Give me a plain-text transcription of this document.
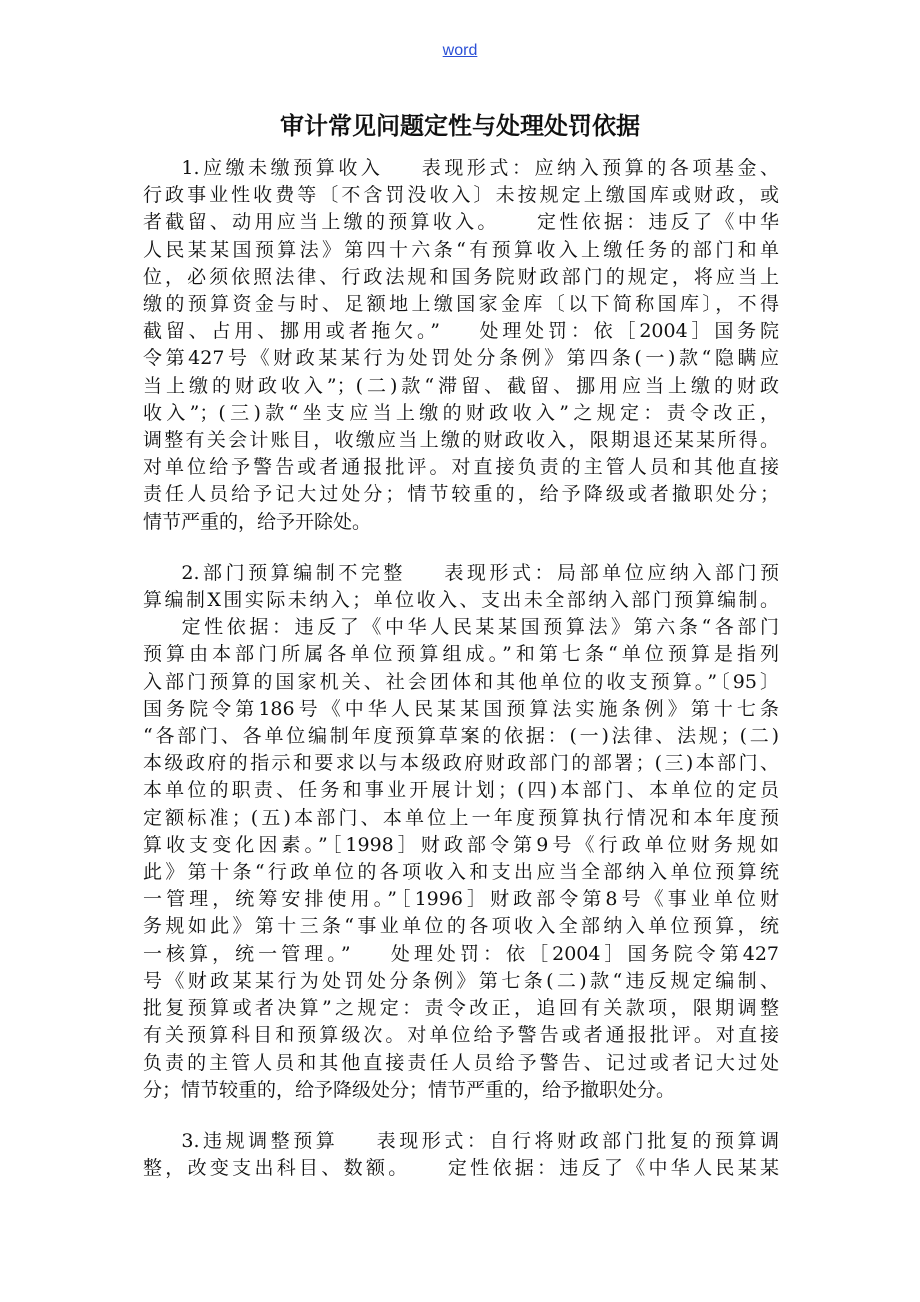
word
审计常见问题定性与处理处罚依据
1.应缴未缴预算收入    表现形式：应纳入预算的各项基金、
行政事业性收费等〔不含罚没收入〕未按规定上缴国库或财政，或
者截留、动用应当上缴的预算收入。    定性依据：违反了《中华
人民某某国预算法》第四十六条“有预算收入上缴任务的部门和单
位，必须依照法律、行政法规和国务院财政部门的规定，将应当上
缴的预算资金与时、足额地上缴国家金库〔以下简称国库〕，不得
截留、占用、挪用或者拖欠。”    处理处罚：依［2004］国务院
令第427号《财政某某行为处罚处分条例》第四条(一)款“隐瞒应
当上缴的财政收入”；(二)款“滞留、截留、挪用应当上缴的财政
收入”；(三)款“坐支应当上缴的财政收入”之规定：责令改正，
调整有关会计账目，收缴应当上缴的财政收入，限期退还某某所得。
对单位给予警告或者通报批评。对直接负责的主管人员和其他直接
责任人员给予记大过处分；情节较重的，给予降级或者撤职处分；
情节严重的，给予开除处。
2.部门预算编制不完整    表现形式：局部单位应纳入部门预
算编制X围实际未纳入；单位收入、支出未全部纳入部门预算编制。
定性依据：违反了《中华人民某某国预算法》第六条“各部门
预算由本部门所属各单位预算组成。”和第七条“单位预算是指列
入部门预算的国家机关、社会团体和其他单位的收支预算。”〔95〕
国务院令第186号《中华人民某某国预算法实施条例》第十七条
“各部门、各单位编制年度预算草案的依据：(一)法律、法规；(二)
本级政府的指示和要求以与本级政府财政部门的部署；(三)本部门、
本单位的职责、任务和事业开展计划；(四)本部门、本单位的定员
定额标准；(五)本部门、本单位上一年度预算执行情况和本年度预
算收支变化因素。”［1998］财政部令第9号《行政单位财务规如
此》第十条“行政单位的各项收入和支出应当全部纳入单位预算统
一管理，统筹安排使用。”［1996］财政部令第8号《事业单位财
务规如此》第十三条“事业单位的各项收入全部纳入单位预算，统
一核算，统一管理。”    处理处罚：依［2004］国务院令第427
号《财政某某行为处罚处分条例》第七条(二)款“违反规定编制、
批复预算或者决算”之规定：责令改正，追回有关款项，限期调整
有关预算科目和预算级次。对单位给予警告或者通报批评。对直接
负责的主管人员和其他直接责任人员给予警告、记过或者记大过处
分；情节较重的，给予降级处分；情节严重的，给予撤职处分。
3.违规调整预算    表现形式：自行将财政部门批复的预算调
整，改变支出科目、数额。    定性依据：违反了《中华人民某某
